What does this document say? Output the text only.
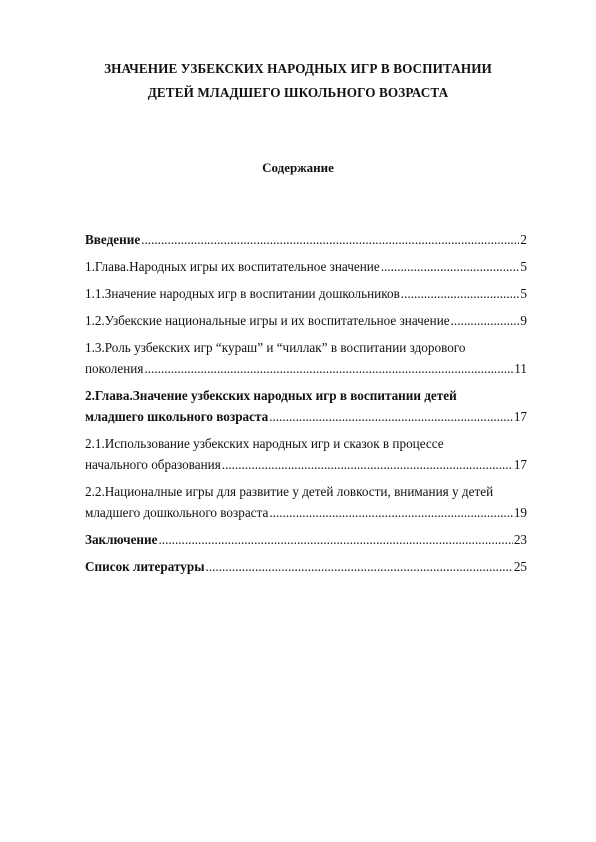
ЗНАЧЕНИЕ УЗБЕКСКИХ НАРОДНЫХ ИГР В ВОСПИТАНИИ
ДЕТЕЙ МЛАДШЕГО ШКОЛЬНОГО ВОЗРАСТА
Содержание
Введение .....	2
1.Глава.Народных игры их воспитательное значение .....	5
1.1.Значение народных игр в воспитании дошкольников .....	5
1.2.Узбекские национальные игры и их воспитательное значение .....	9
1.3.Роль узбекских игр “кураш” и “чиллак” в воспитании здорового
поколения .....	11
2.Глава.Значение узбекских народных игр в воспитании детей
младшего школьного возраста .....	17
2.1.Использование узбекских народных игр и сказок в процессе
начального образования .....	17
2.2.Националные игры для развитие у детей ловкости, внимания у детей
младшего дошкольного возраста .....	19
Заключение .....	23
Список литературы .....	25
